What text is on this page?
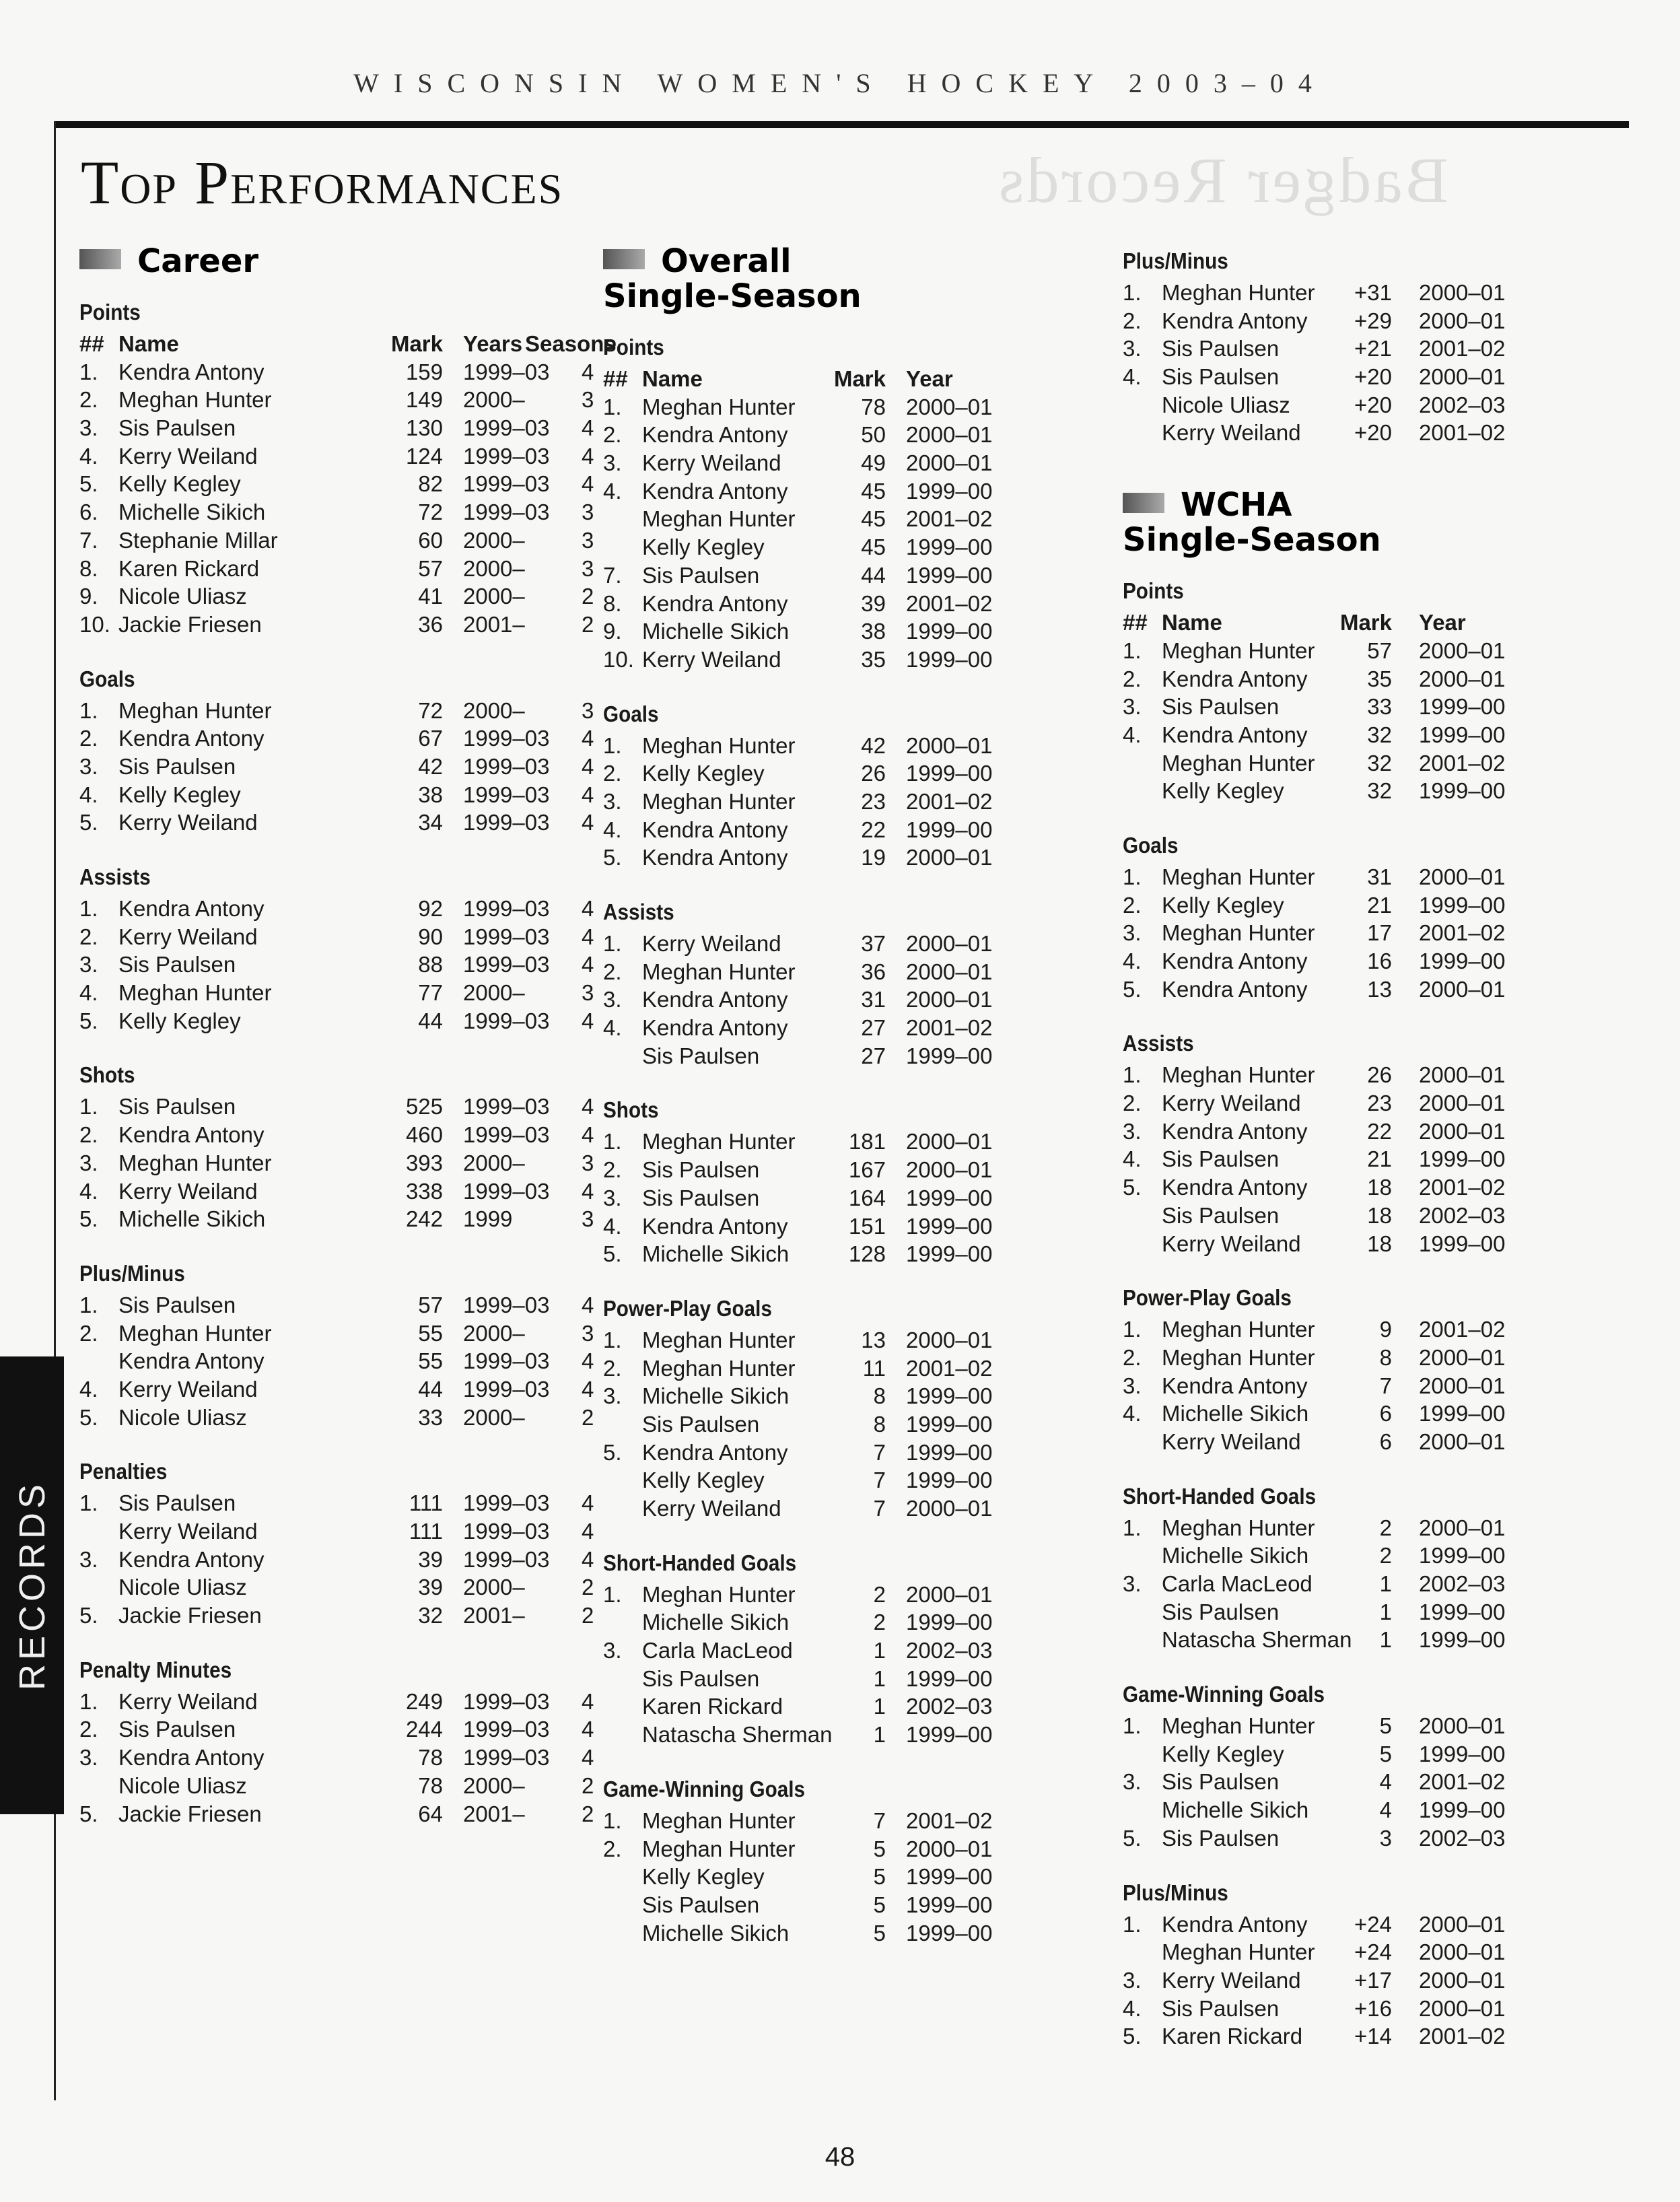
WISCONSIN WOMEN'S HOCKEY 2003–04
Badger Records
Top Performances
Career
Points
## Name	Mark Years Seasons
1. Kendra Antony	159 1999–03 4
2. Meghan Hunter	149 2000–	3
3. Sis Paulsen	130 1999–03 4
4. Kerry Weiland	124 1999–03 4
5. Kelly Kegley	82 1999–03 4
6. Michelle Sikich	72 1999–03 3
7. Stephanie Millar	60 2000–	3
8. Karen Rickard	57 2000–	3
9. Nicole Uliasz	41 2000–	2
10. Jackie Friesen	36 2001–	2
Goals
1. Meghan Hunter	72 2000–	3
2. Kendra Antony	67 1999–03 4
3. Sis Paulsen	42 1999–03 4
4. Kelly Kegley	38 1999–03 4
5. Kerry Weiland	34 1999–03 4
Assists
1. Kendra Antony	92 1999–03 4
2. Kerry Weiland	90 1999–03 4
3. Sis Paulsen	88 1999–03 4
4. Meghan Hunter	77 2000–	3
5. Kelly Kegley	44 1999–03 4
Shots
1. Sis Paulsen	525 1999–03 4
2. Kendra Antony	460 1999–03 4
3. Meghan Hunter	393 2000–	3
4. Kerry Weiland	338 1999–03 4
5. Michelle Sikich	242 1999	3
Plus/Minus
1. Sis Paulsen	57 1999–03 4
2. Meghan Hunter	55 2000–	3
Kendra Antony	55 1999–03 4
4. Kerry Weiland	44 1999–03 4
5. Nicole Uliasz	33 2000–	2
Penalties
1. Sis Paulsen	111 1999–03 4
Kerry Weiland	111 1999–03 4
3. Kendra Antony	39 1999–03 4
Nicole Uliasz	39 2000–	2
5. Jackie Friesen	32 2001–	2
Penalty Minutes
1. Kerry Weiland	249 1999–03 4
2. Sis Paulsen	244 1999–03 4
3. Kendra Antony	78 1999–03 4
Nicole Uliasz	78 2000–	2
5. Jackie Friesen	64 2001–	2
Overall

Single-Season
Points
## Name	Mark Year
1. Meghan Hunter	78 2000–01
2. Kendra Antony	50 2000–01
3. Kerry Weiland	49 2000–01
4. Kendra Antony	45 1999–00
Meghan Hunter	45 2001–02
Kelly Kegley	45 1999–00
7. Sis Paulsen	44 1999–00
8. Kendra Antony	39 2001–02
9. Michelle Sikich	38 1999–00
10. Kerry Weiland	35 1999–00
Goals
1. Meghan Hunter	42 2000–01
2. Kelly Kegley	26 1999–00
3. Meghan Hunter	23 2001–02
4. Kendra Antony	22 1999–00
5. Kendra Antony	19 2000–01
Assists
1. Kerry Weiland	37 2000–01
2. Meghan Hunter	36 2000–01
3. Kendra Antony	31 2000–01
4. Kendra Antony	27 2001–02
Sis Paulsen	27 1999–00
Shots
1. Meghan Hunter	181 2000–01
2. Sis Paulsen	167 2000–01
3. Sis Paulsen	164 1999–00
4. Kendra Antony	151 1999–00
5. Michelle Sikich	128 1999–00
Power-Play Goals
1. Meghan Hunter	13 2000–01
2. Meghan Hunter	11 2001–02
3. Michelle Sikich	8 1999–00
Sis Paulsen	8 1999–00
5. Kendra Antony	7 1999–00
Kelly Kegley	7 1999–00
Kerry Weiland	7 2000–01
Short-Handed Goals
1. Meghan Hunter	2 2000–01
Michelle Sikich	2 1999–00
3. Carla MacLeod	1 2002–03
Sis Paulsen	1 1999–00
Karen Rickard	1 2002–03
Natascha Sherman	1 1999–00
Game-Winning Goals
1. Meghan Hunter	7 2001–02
2. Meghan Hunter	5 2000–01
Kelly Kegley	5 1999–00
Sis Paulsen	5 1999–00
Michelle Sikich	5 1999–00
Plus/Minus
1. Meghan Hunter	+31 2000–01
2. Kendra Antony	+29 2000–01
3. Sis Paulsen	+21 2001–02
4. Sis Paulsen	+20 2000–01
Nicole Uliasz	+20 2002–03
Kerry Weiland	+20 2001–02
WCHA

Single-Season
Points
## Name	Mark Year
1. Meghan Hunter	57 2000–01
2. Kendra Antony	35 2000–01
3. Sis Paulsen	33 1999–00
4. Kendra Antony	32 1999–00
Meghan Hunter	32 2001–02
Kelly Kegley	32 1999–00
Goals
1. Meghan Hunter	31 2000–01
2. Kelly Kegley	21 1999–00
3. Meghan Hunter	17 2001–02
4. Kendra Antony	16 1999–00
5. Kendra Antony	13 2000–01
Assists
1. Meghan Hunter	26 2000–01
2. Kerry Weiland	23 2000–01
3. Kendra Antony	22 2000–01
4. Sis Paulsen	21 1999–00
5. Kendra Antony	18 2001–02
Sis Paulsen	18 2002–03
Kerry Weiland	18 1999–00
Power-Play Goals
1. Meghan Hunter	9 2001–02
2. Meghan Hunter	8 2000–01
3. Kendra Antony	7 2000–01
4. Michelle Sikich	6 1999–00
Kerry Weiland	6 2000–01
Short-Handed Goals
1. Meghan Hunter	2 2000–01
Michelle Sikich	2 1999–00
3. Carla MacLeod	1 2002–03
Sis Paulsen	1 1999–00
Natascha Sherman	1 1999–00
Game-Winning Goals
1. Meghan Hunter	5 2000–01
Kelly Kegley	5 1999–00
3. Sis Paulsen	4 2001–02
Michelle Sikich	4 1999–00
5. Sis Paulsen	3 2002–03
Plus/Minus
1. Kendra Antony	+24 2000–01
Meghan Hunter	+24 2000–01
3. Kerry Weiland	+17 2000–01
4. Sis Paulsen	+16 2000–01
5. Karen Rickard	+14 2001–02
RECORDS
48
